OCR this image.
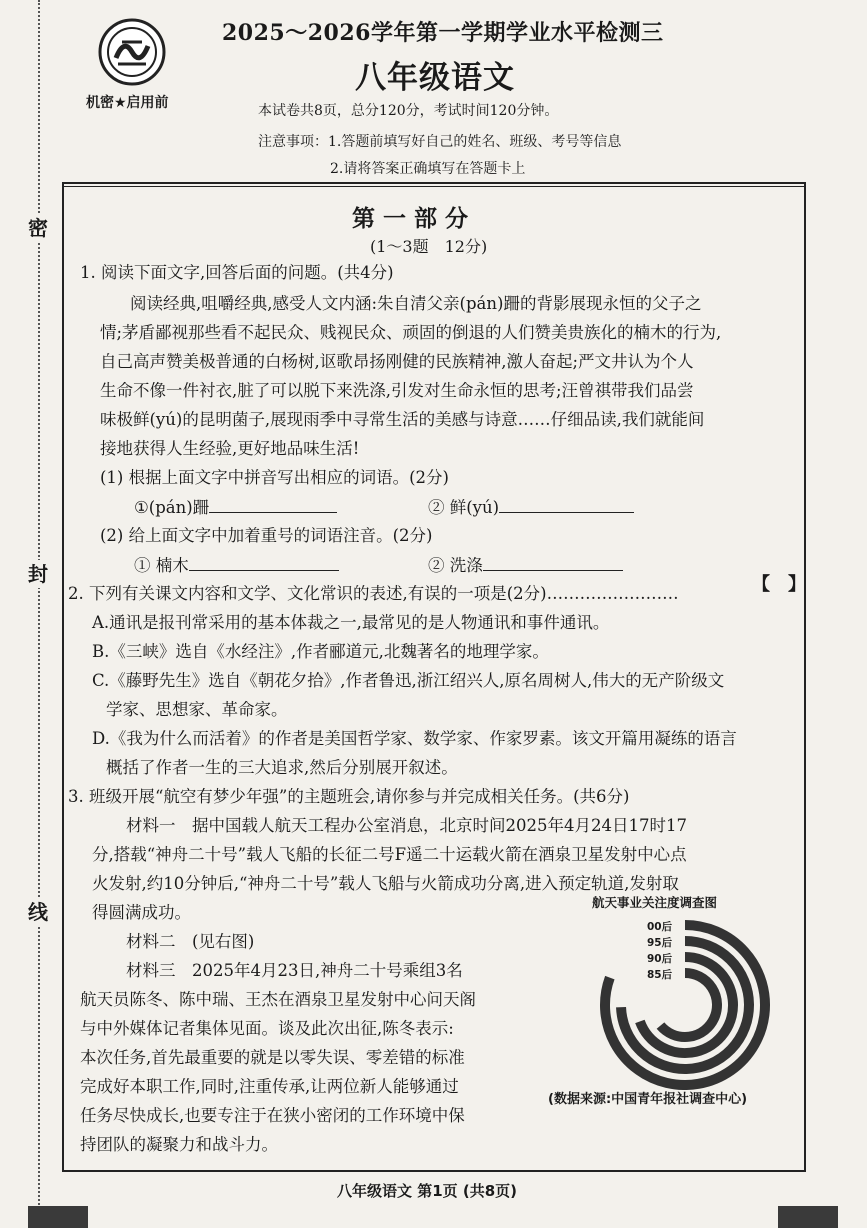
密
封
线
机密★启用前
2025～2026学年第一学期学业水平检测三
八年级语文
本试卷共8页，总分120分，考试时间120分钟。
注意事项：1.答题前填写好自己的姓名、班级、考号等信息
2.请将答案正确填写在答题卡上
第一部分
(1～3题　12分)
1. 阅读下面文字,回答后面的问题。(共4分)
阅读经典,咀嚼经典,感受人文内涵:朱自清父亲(pán)跚的背影展现永恒的父子之
情;茅盾鄙视那些看不起民众、贱视民众、顽固的倒退的人们赞美贵族化的楠木的行为,
自己高声赞美极普通的白杨树,讴歌昂扬刚健的民族精神,激人奋起;严文井认为个人
生命不像一件衬衣,脏了可以脱下来洗涤,引发对生命永恒的思考;汪曾祺带我们品尝
味极鲜(yú)的昆明菌子,展现雨季中寻常生活的美感与诗意……仔细品读,我们就能间
接地获得人生经验,更好地品味生活!
(1) 根据上面文字中拼音写出相应的词语。(2分)
①(pán)跚	② 鲜(yú)
(2) 给上面文字中加着重号的词语注音。(2分)
① 楠木	② 洗涤
2. 下列有关课文内容和文学、文化常识的表述,有误的一项是(2分)……………………	【　】
A.通讯是报刊常采用的基本体裁之一,最常见的是人物通讯和事件通讯。
B.《三峡》选自《水经注》,作者郦道元,北魏著名的地理学家。
C.《藤野先生》选自《朝花夕拾》,作者鲁迅,浙江绍兴人,原名周树人,伟大的无产阶级文
学家、思想家、革命家。
D.《我为什么而活着》的作者是美国哲学家、数学家、作家罗素。该文开篇用凝练的语言
概括了作者一生的三大追求,然后分别展开叙述。
3. 班级开展“航空有梦少年强”的主题班会,请你参与并完成相关任务。(共6分)
材料一　据中国载人航天工程办公室消息，北京时间2025年4月24日17时17
分,搭载“神舟二十号”载人飞船的长征二号F遥二十运载火箭在酒泉卫星发射中心点
火发射,约10分钟后,“神舟二十号”载人飞船与火箭成功分离,进入预定轨道,发射取
得圆满成功。
材料二　(见右图)
材料三　2025年4月23日,神舟二十号乘组3名
航天员陈冬、陈中瑞、王杰在酒泉卫星发射中心问天阁
与中外媒体记者集体见面。谈及此次出征,陈冬表示:
本次任务,首先最重要的就是以零失误、零差错的标准
完成好本职工作,同时,注重传承,让两位新人能够通过
任务尽快成长,也要专注于在狭小密闭的工作环境中保
持团队的凝聚力和战斗力。
航天事业关注度调查图
00后
95后
90后
85后
(数据来源:中国青年报社调查中心)
八年级语文 第1页 (共8页)
